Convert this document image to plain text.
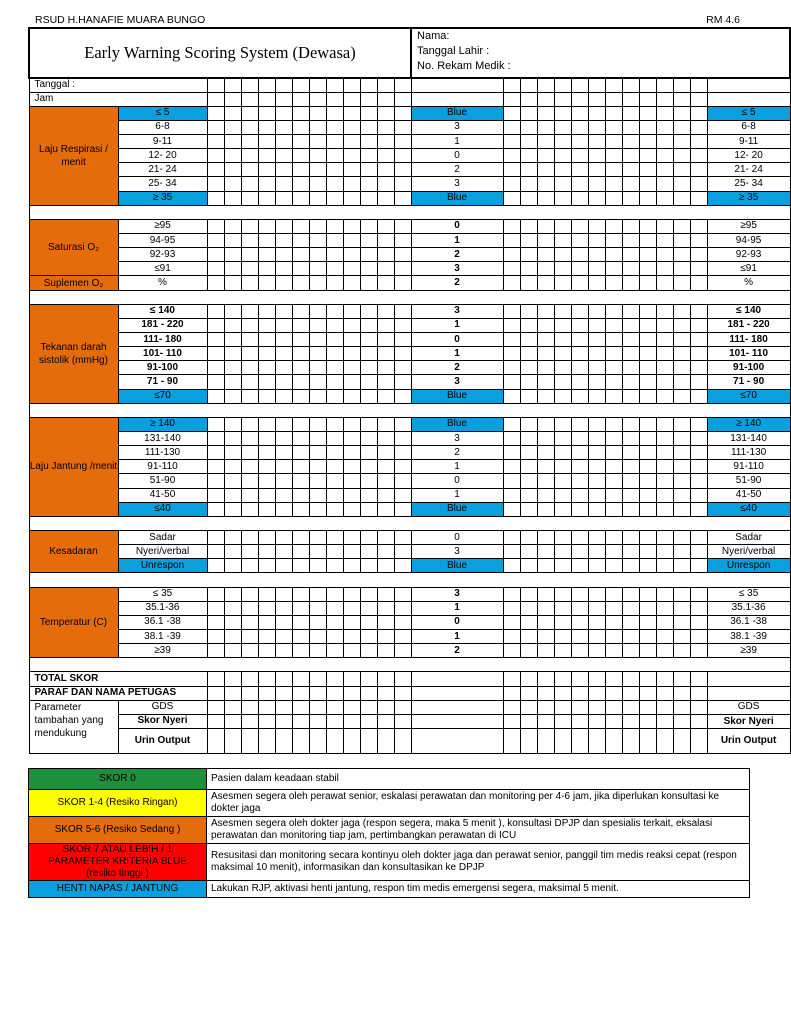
RSUD H.HANAFIE MUARA BUNGO	RM 4.6
Early Warning Scoring System (Dewasa)														Nama:
Tanggal Lahir :
No. Rekam Medik :													

Tanggal :																											
Jam																											
Laju Respirasi / menit	≤ 5													Blue													≤ 5
	6-8													3													6-8
	9-11													1													9-11
	12- 20													0													12- 20
	21- 24													2													21- 24
	25- 34													3													25- 34
	≥ 35													Blue													≥ 35

Saturasi O₂	≥95													0													≥95
	94-95													1													94-95
	92-93													2													92-93
	≤91													3													≤91
Suplemen O₂	%													2													%

Tekanan darah sistolik (mmHg)	≤ 140													3													≤ 140
	181 - 220													1													181 - 220
	111- 180													0													111- 180
	101- 110													1													101- 110
	91-100													2													91-100
	71 - 90													3													71 - 90
	≤70													Blue													≤70

Laju Jantung /menit	≥ 140													Blue													≥ 140
	131-140													3													131-140
	111-130													2													111-130
	91-110													1													91-110
	51-90													0													51-90
	41-50													1													41-50
	≤40													Blue													≤40

Kesadaran	Sadar													0													Sadar
	Nyeri/verbal													3													Nyeri/verbal
	Unrespon													Blue													Unrespon

Temperatur (C)	≤ 35													3													≤ 35
	35.1-36													1													35.1-36
	36.1 -38													0													36.1 -38
	38.1 -39													1													38.1 -39
	≥39													2													≥39

TOTAL SKOR																											
PARAF DAN NAMA PETUGAS																											
Parameter tambahan yang mendukung	GDS																										GDS
	Skor Nyeri																										Skor Nyeri
	Urin Output																										Urin Output
SKOR 0	Pasien dalam keadaan stabil
SKOR 1-4 (Resiko Ringan)	Asesmen segera oleh perawat senior, eskalasi perawatan dan monitoring per 4-6 jam, jika diperlukan konsultasi ke dokter jaga
SKOR 5-6 (Resiko Sedang )	Asesmen segera oleh dokter jaga (respon segera, maka 5 menit ), konsultasi DPJP dan spesialis terkait, eksalasi perawatan dan monitoring tiap jam, pertimbangkan perawatan di ICU
SKOR 7 ATAU LEBIH / 1 PARAMETER KRITERIA BLUE (resiko tinggi )	Resusitasi dan monitoring secara kontinyu oleh dokter jaga dan perawat senior, panggil tim medis reaksi cepat (respon maksimal 10 menit), informasikan dan konsultasikan ke DPJP
HENTI NAPAS / JANTUNG	Lakukan RJP, aktivasi henti jantung, respon tim medis emergensi segera, maksimal 5 menit.
